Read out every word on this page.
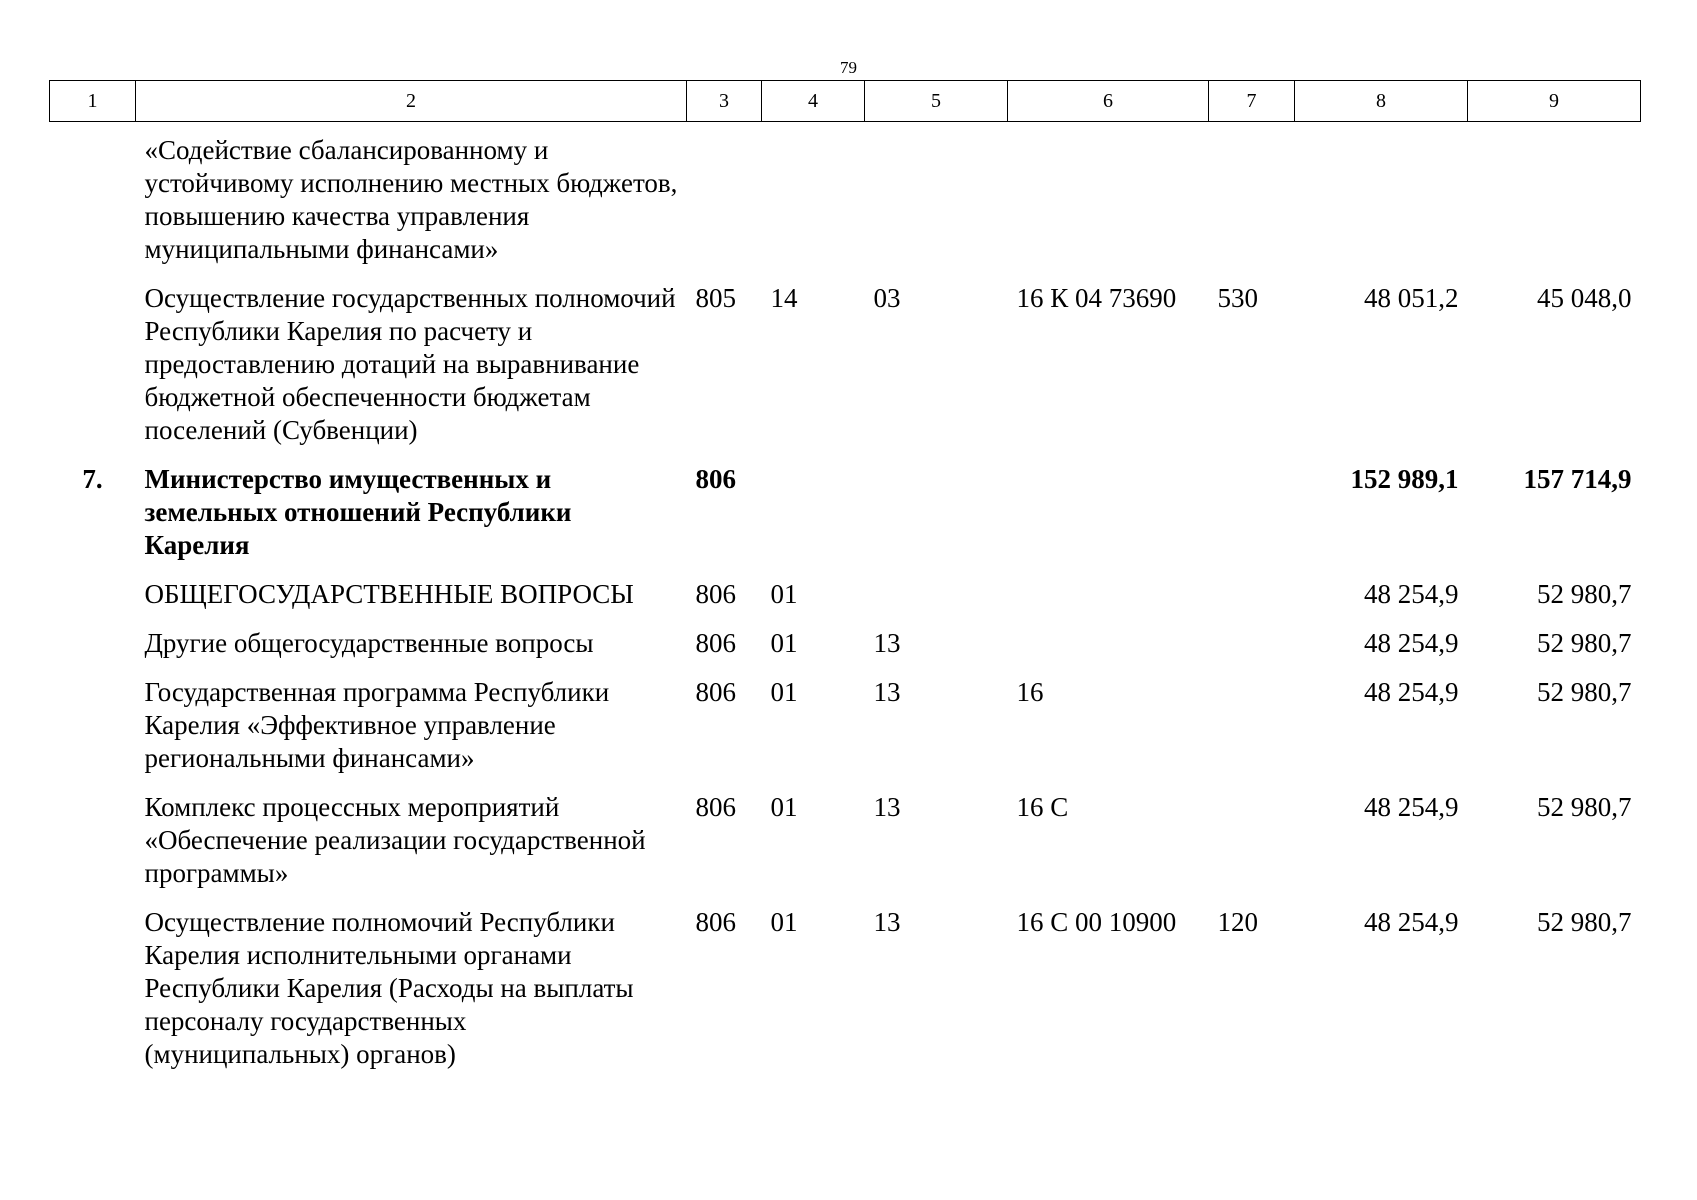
79
1	2	3	4	5	6	7	8	9
	«Содействие сбалансированному и устойчивому исполнению местных бюджетов, повышению качества управления муниципальными финансами»							
	Осуществление государственных полномочий Республики Карелия по расчету и предоставлению дотаций на выравнивание бюджетной обеспеченности бюджетам поселений (Субвенции)	805	14	03	16 К 04 73690	530	48 051,2	45 048,0
7.	Министерство имущественных и земельных отношений Республики Карелия	806					152 989,1	157 714,9
	ОБЩЕГОСУДАРСТВЕННЫЕ ВОПРОСЫ	806	01				48 254,9	52 980,7
	Другие общегосударственные вопросы	806	01	13			48 254,9	52 980,7
	Государственная программа Республики Карелия «Эффективное управление региональными финансами»	806	01	13	16		48 254,9	52 980,7
	Комплекс процессных мероприятий «Обеспечение реализации государственной программы»	806	01	13	16 С		48 254,9	52 980,7
	Осуществление полномочий Республики Карелия исполнительными органами Республики Карелия (Расходы на выплаты персоналу государственных (муниципальных) органов)	806	01	13	16 С 00 10900	120	48 254,9	52 980,7
